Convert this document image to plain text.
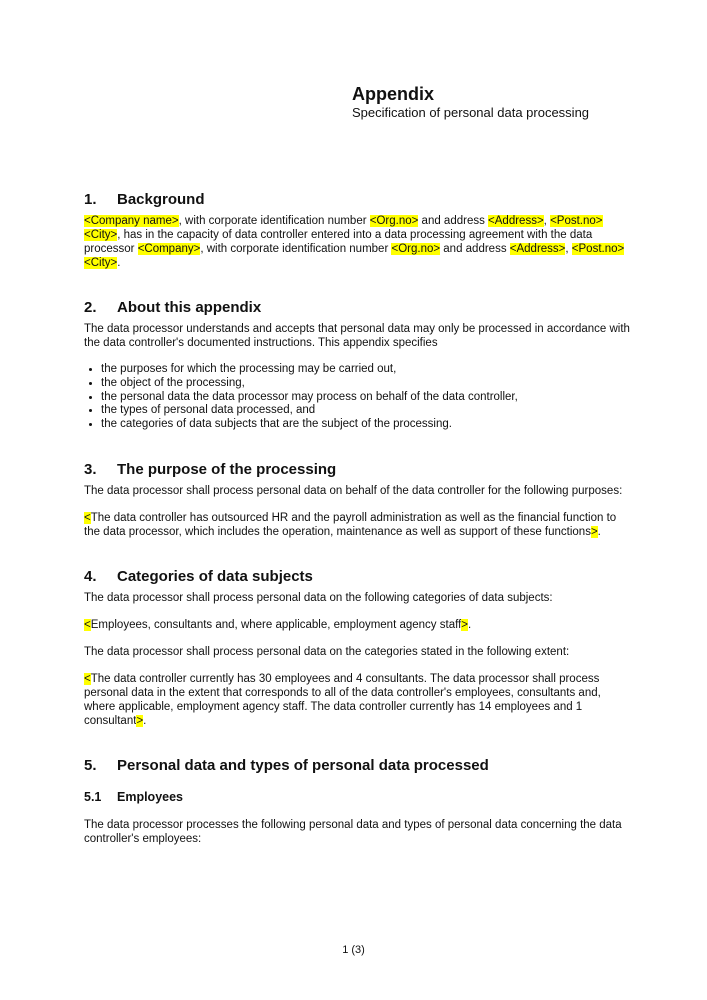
Appendix
Specification of personal data processing
1.	Background

<Company name>, with corporate identification number <Org.no> and address <Address>, <Post.no> <City>, has in the capacity of data controller entered into a data processing agreement with the data processor <Company>, with corporate identification number <Org.no> and address <Address>, <Post.no> <City>.

2.	About this appendix

The data processor understands and accepts that personal data may only be processed in accordance with the data controller's documented instructions. This appendix specifies

• the purposes for which the processing may be carried out,
• the object of the processing,
• the personal data the data processor may process on behalf of the data controller,
• the types of personal data processed, and
• the categories of data subjects that are the subject of the processing.
3.	The purpose of the processing

The data processor shall process personal data on behalf of the data controller for the following purposes:

<The data controller has outsourced HR and the payroll administration as well as the financial function to the data processor, which includes the operation, maintenance as well as support of these functions>.

4.	Categories of data subjects

The data processor shall process personal data on the following categories of data subjects:

<Employees, consultants and, where applicable, employment agency staff>.

The data processor shall process personal data on the categories stated in the following extent:

<The data controller currently has 30 employees and 4 consultants. The data processor shall process personal data in the extent that corresponds to all of the data controller's employees, consultants and, where applicable, employment agency staff. The data controller currently has 14 employees and 1 consultant>.

5.	Personal data and types of personal data processed
5.1	Employees

The data processor processes the following personal data and types of personal data concerning the data controller's employees:

1 (3)
